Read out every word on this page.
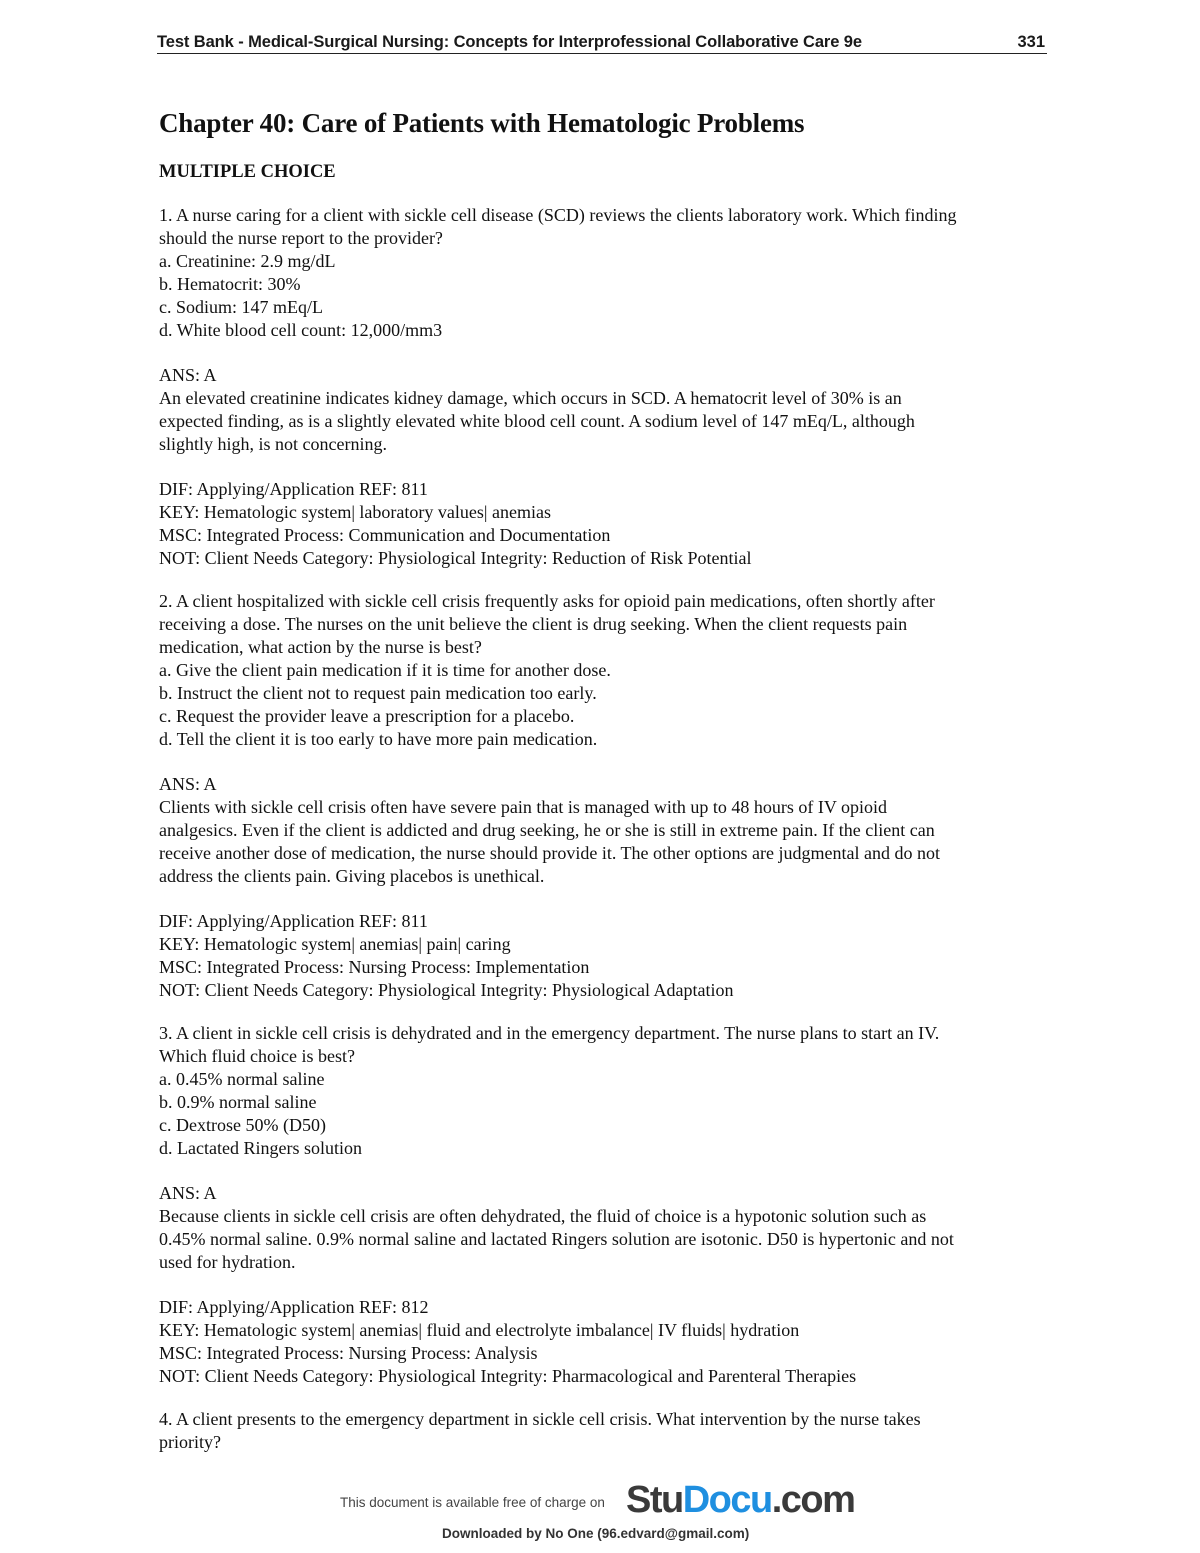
Test Bank - Medical-Surgical Nursing: Concepts for Interprofessional Collaborative Care 9e	331
Chapter 40: Care of Patients with Hematologic Problems
MULTIPLE CHOICE
1. A nurse caring for a client with sickle cell disease (SCD) reviews the clients laboratory work. Which finding
should the nurse report to the provider?
a. Creatinine: 2.9 mg/dL
b. Hematocrit: 30%
c. Sodium: 147 mEq/L
d. White blood cell count: 12,000/mm3
ANS: A
An elevated creatinine indicates kidney damage, which occurs in SCD. A hematocrit level of 30% is an
expected finding, as is a slightly elevated white blood cell count. A sodium level of 147 mEq/L, although
slightly high, is not concerning.
DIF: Applying/Application REF: 811
KEY: Hematologic system| laboratory values| anemias
MSC: Integrated Process: Communication and Documentation
NOT: Client Needs Category: Physiological Integrity: Reduction of Risk Potential
2. A client hospitalized with sickle cell crisis frequently asks for opioid pain medications, often shortly after
receiving a dose. The nurses on the unit believe the client is drug seeking. When the client requests pain
medication, what action by the nurse is best?
a. Give the client pain medication if it is time for another dose.
b. Instruct the client not to request pain medication too early.
c. Request the provider leave a prescription for a placebo.
d. Tell the client it is too early to have more pain medication.
ANS: A
Clients with sickle cell crisis often have severe pain that is managed with up to 48 hours of IV opioid
analgesics. Even if the client is addicted and drug seeking, he or she is still in extreme pain. If the client can
receive another dose of medication, the nurse should provide it. The other options are judgmental and do not
address the clients pain. Giving placebos is unethical.
DIF: Applying/Application REF: 811
KEY: Hematologic system| anemias| pain| caring
MSC: Integrated Process: Nursing Process: Implementation
NOT: Client Needs Category: Physiological Integrity: Physiological Adaptation
3. A client in sickle cell crisis is dehydrated and in the emergency department. The nurse plans to start an IV.
Which fluid choice is best?
a. 0.45% normal saline
b. 0.9% normal saline
c. Dextrose 50% (D50)
d. Lactated Ringers solution
ANS: A
Because clients in sickle cell crisis are often dehydrated, the fluid of choice is a hypotonic solution such as
0.45% normal saline. 0.9% normal saline and lactated Ringers solution are isotonic. D50 is hypertonic and not
used for hydration.
DIF: Applying/Application REF: 812
KEY: Hematologic system| anemias| fluid and electrolyte imbalance| IV fluids| hydration
MSC: Integrated Process: Nursing Process: Analysis
NOT: Client Needs Category: Physiological Integrity: Pharmacological and Parenteral Therapies
4. A client presents to the emergency department in sickle cell crisis. What intervention by the nurse takes
priority?
This document is available free of charge on StuDocu.com
Downloaded by No One (96.edvard@gmail.com)
